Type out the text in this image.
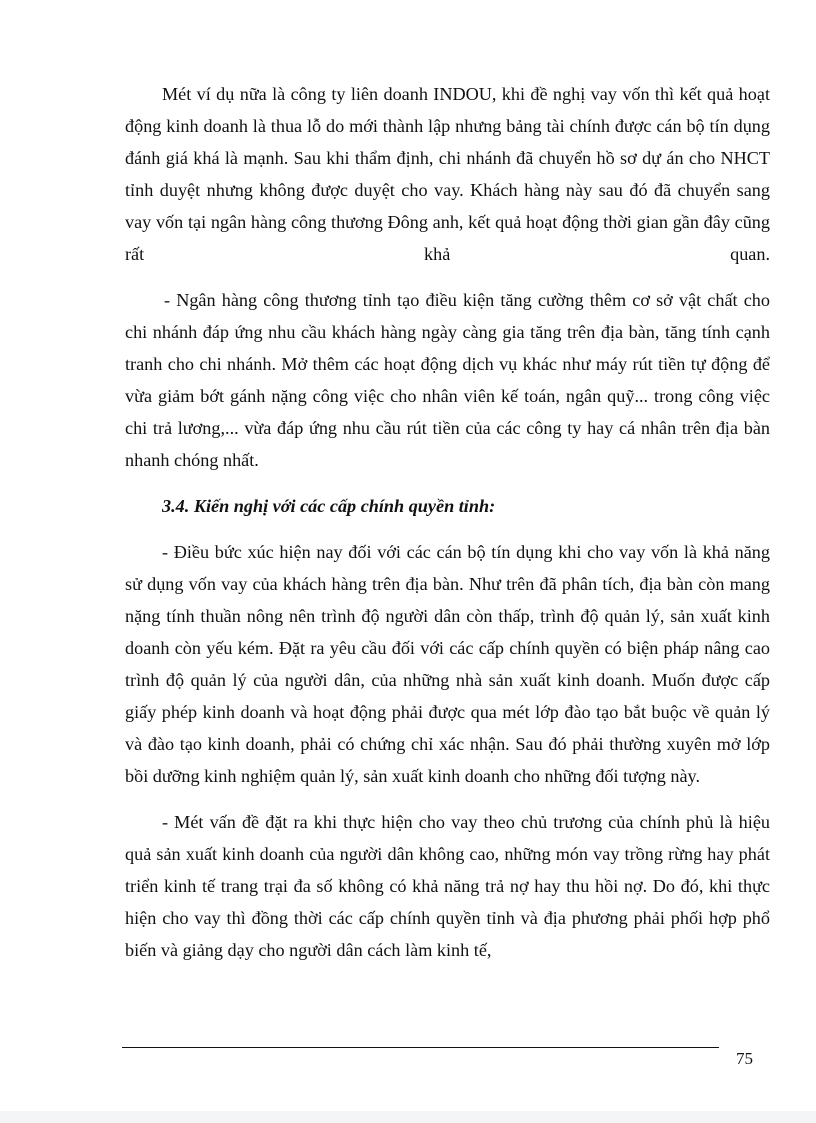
Mét ví dụ nữa là công ty liên doanh INDOU, khi đề nghị vay vốn thì kết quả hoạt động kinh doanh là thua lỗ do mới thành lập nhưng bảng tài chính được cán bộ tín dụng đánh giá khá là mạnh. Sau khi thẩm định, chi nhánh đã chuyển hồ sơ dự án cho NHCT tỉnh duyệt nhưng không được duyệt cho vay. Khách hàng này sau đó đã chuyển sang vay vốn tại ngân hàng công thương Đông anh, kết quả hoạt động thời gian gần đây cũng rất khả quan.

- Ngân hàng công thương tỉnh tạo điều kiện tăng cường thêm cơ sở vật chất cho chi nhánh đáp ứng nhu cầu khách hàng ngày càng gia tăng trên địa bàn, tăng tính cạnh tranh cho chi nhánh. Mở thêm các hoạt động dịch vụ khác như máy rút tiền tự động để vừa giảm bớt gánh nặng công việc cho nhân viên kế toán, ngân quỹ... trong công việc chi trả lương,... vừa đáp ứng nhu cầu rút tiền của các công ty hay cá nhân trên địa bàn nhanh chóng nhất.

3.4. Kiến nghị với các cấp chính quyền tỉnh:

- Điều bức xúc hiện nay đối với các cán bộ tín dụng khi cho vay vốn là khả năng sử dụng vốn vay của khách hàng trên địa bàn. Như trên đã phân tích, địa bàn còn mang nặng tính thuần nông nên trình độ người dân còn thấp, trình độ quản lý, sản xuất kinh doanh còn yếu kém. Đặt ra yêu cầu đối với các cấp chính quyền có biện pháp nâng cao trình độ quản lý của người dân, của những nhà sản xuất kinh doanh. Muốn được cấp giấy phép kinh doanh và hoạt động phải được qua mét lớp đào tạo bắt buộc về quản lý và đào tạo kinh doanh, phải có chứng chỉ xác nhận. Sau đó phải thường xuyên mở lớp bồi dưỡng kinh nghiệm quản lý, sản xuất kinh doanh cho những đối tượng này.

- Mét vấn đề đặt ra khi thực hiện cho vay theo chủ trương của chính phủ là hiệu quả sản xuất kinh doanh của người dân không cao, những món vay trồng rừng hay phát triển kinh tế trang trại đa số không có khả năng trả nợ hay thu hồi nợ. Do đó, khi thực hiện cho vay thì đồng thời các cấp chính quyền tỉnh và địa phương phải phối hợp phổ biến và giảng dạy cho người dân cách làm kinh tế,

75
